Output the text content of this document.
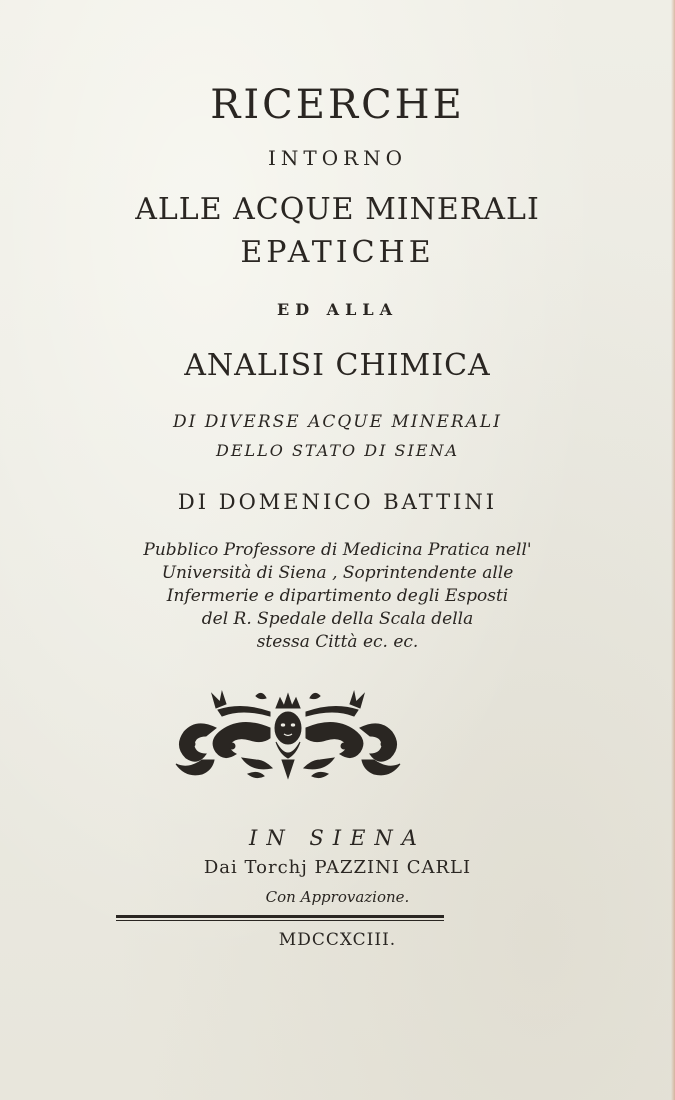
RICERCHE
INTORNO
ALLE ACQUE MINERALI
EPATICHE
ED ALLA
ANALISI CHIMICA
DI DIVERSE ACQUE MINERALI
DELLO STATO DI SIENA
DI DOMENICO BATTINI
Pubblico Professore di Medicina Pratica nell'
Università di Siena , Soprintendente alle
Infermerie e dipartimento degli Esposti
del R. Spedale della Scala della
stessa Città ec. ec.
IN SIENA
Dai Torchj PAZZINI CARLI
Con Approvazione.
MDCCXCIII.
